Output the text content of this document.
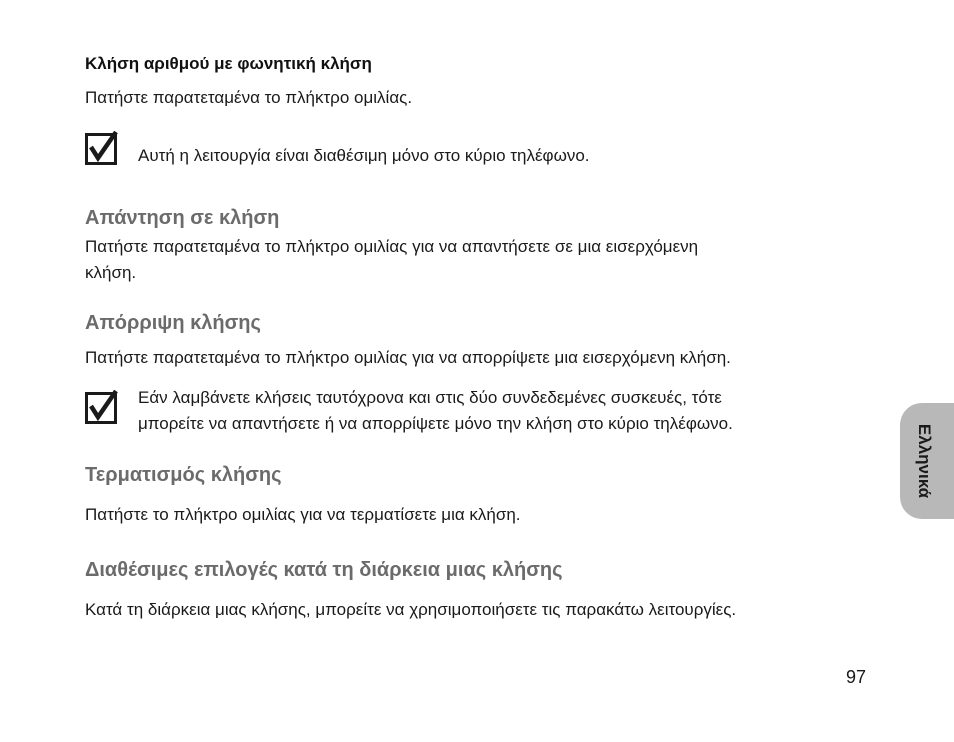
Κλήση αριθμού με φωνητική κλήση
Πατήστε παρατεταμένα το πλήκτρο ομιλίας.
Αυτή η λειτουργία είναι διαθέσιμη μόνο στο κύριο τηλέφωνο.
Απάντηση σε κλήση
Πατήστε παρατεταμένα το πλήκτρο ομιλίας για να απαντήσετε σε μια εισερχόμενη
κλήση.
Απόρριψη κλήσης
Πατήστε παρατεταμένα το πλήκτρο ομιλίας για να απορρίψετε μια εισερχόμενη κλήση.
Εάν λαμβάνετε κλήσεις ταυτόχρονα και στις δύο συνδεδεμένες συσκευές, τότε
μπορείτε να απαντήσετε ή να απορρίψετε μόνο την κλήση στο κύριο τηλέφωνο.
Τερματισμός κλήσης
Πατήστε το πλήκτρο ομιλίας για να τερματίσετε μια κλήση.
Διαθέσιμες επιλογές κατά τη διάρκεια μιας κλήσης
Κατά τη διάρκεια μιας κλήσης, μπορείτε να χρησιμοποιήσετε τις παρακάτω λειτουργίες.
Ελληνικά
97
